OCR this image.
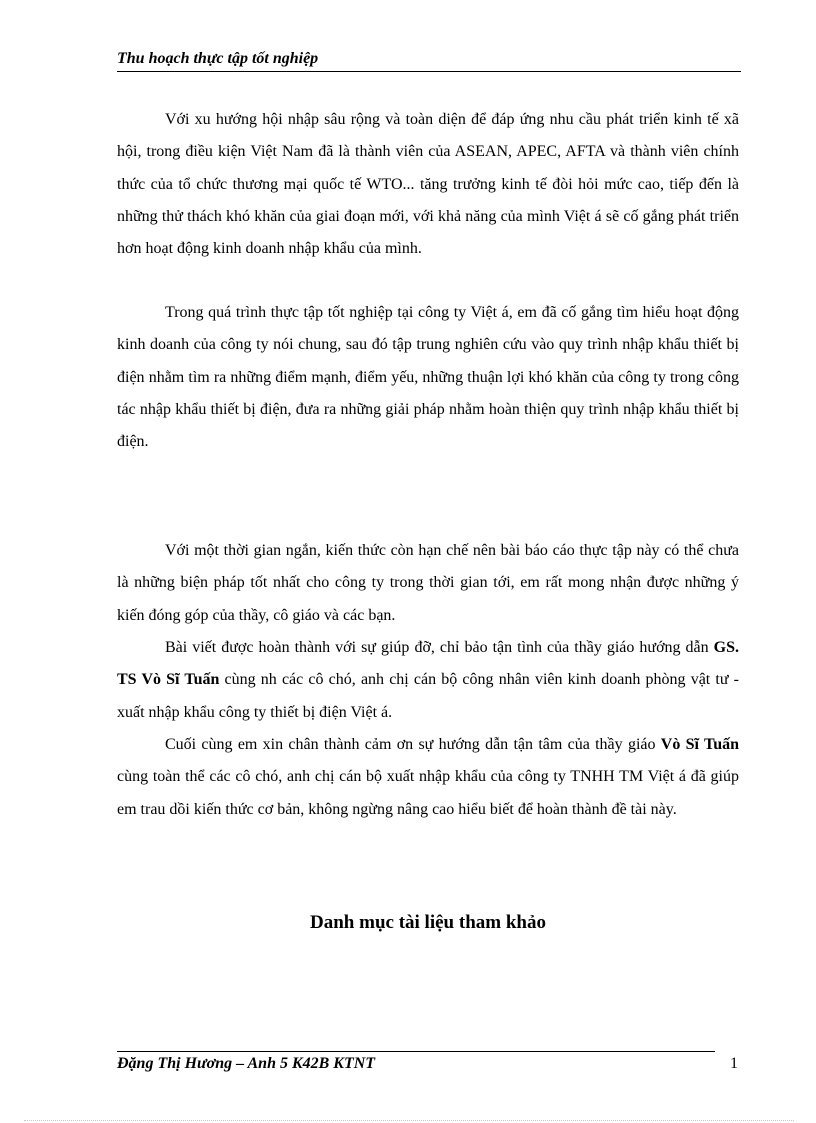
Thu hoạch thực tập tốt nghiệp

Với xu hướng hội nhập sâu rộng và toàn diện để đáp ứng nhu cầu phát triển kinh tế xã hội, trong điều kiện Việt Nam đã là thành viên của ASEAN, APEC, AFTA và thành viên chính thức của tổ chức thương mại quốc tế WTO... tăng trưởng kinh tế đòi hỏi mức cao, tiếp đến là những thử thách khó khăn của giai đoạn mới, với khả năng của mình Việt á sẽ cố gắng phát triển hơn hoạt động kinh doanh nhập khẩu của mình.

Trong quá trình thực tập tốt nghiệp tại công ty Việt á, em đã cố gắng tìm hiểu hoạt động kinh doanh của công ty nói chung, sau đó tập trung nghiên cứu vào quy trình nhập khẩu thiết bị điện nhằm tìm ra những điểm mạnh, điểm yếu, những thuận lợi khó khăn của công ty trong công tác nhập khẩu thiết bị điện, đưa ra những giải pháp nhằm hoàn thiện quy trình nhập khẩu thiết bị điện.

Với một thời gian ngắn, kiến thức còn hạn chế nên bài báo cáo thực tập này có thể chưa là những biện pháp tốt nhất cho công ty trong thời gian tới, em rất mong nhận được những ý kiến đóng góp của thầy, cô giáo và các bạn.

Bài viết được hoàn thành với sự giúp đỡ, chỉ bảo tận tình của thầy giáo hướng dẫn GS. TS Vò Sĩ Tuấn cùng nh các cô chó, anh chị cán bộ công nhân viên kinh doanh phòng vật tư - xuất nhập khẩu công ty thiết bị điện Việt á.

Cuối cùng em xin chân thành cảm ơn sự hướng dẫn tận tâm của thầy giáo Vò Sĩ Tuấn cùng toàn thể các cô chó, anh chị cán bộ xuất nhập khẩu của công ty TNHH TM Việt á đã giúp em trau dồi kiến thức cơ bản, không ngừng nâng cao hiểu biết để hoàn thành đề tài này.

Danh mục tài liệu tham khảo
Đặng Thị Hương – Anh 5 K42B KTNT	1
